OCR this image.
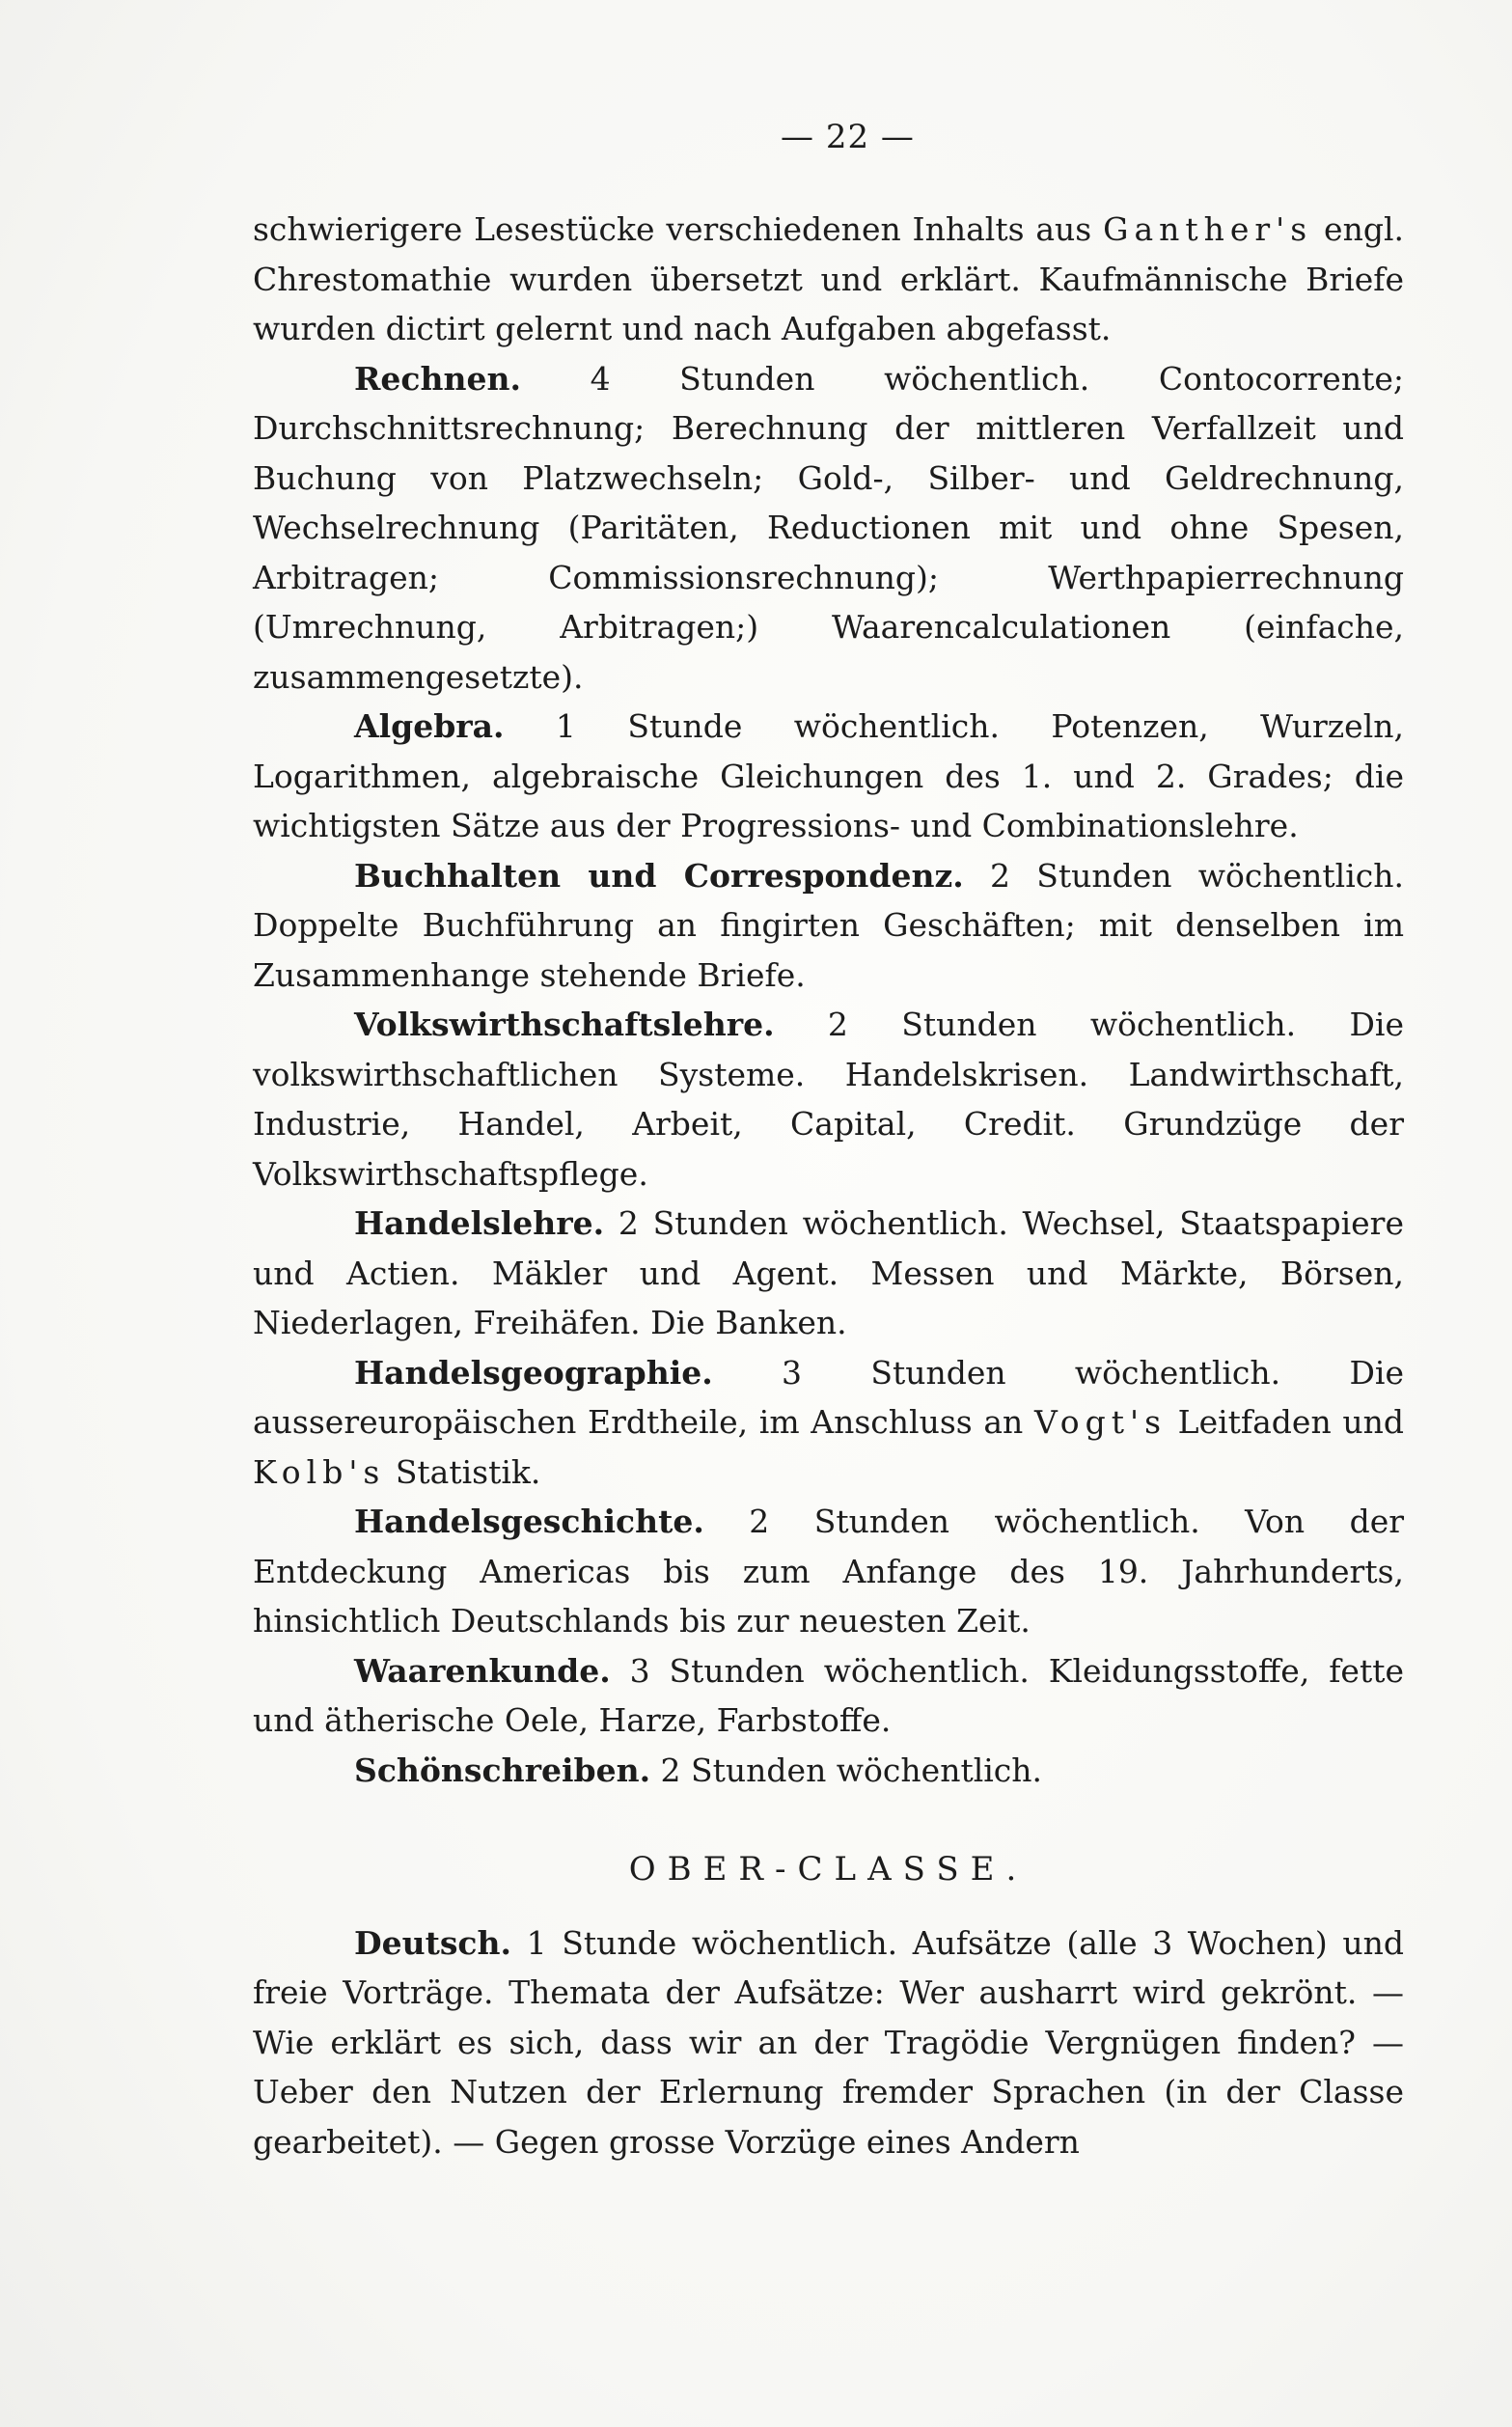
— 22 —

schwierigere Lesestücke verschiedenen Inhalts aus Ganther's engl. Chrestomathie wurden übersetzt und erklärt. Kaufmännische Briefe wurden dictirt gelernt und nach Aufgaben abgefasst.

Rechnen. 4 Stunden wöchentlich. Contocorrente; Durchschnittsrechnung; Berechnung der mittleren Verfallzeit und Buchung von Platzwechseln; Gold-, Silber- und Geldrechnung, Wechselrechnung (Paritäten, Reductionen mit und ohne Spesen, Arbitragen; Commissionsrechnung); Werthpapierrechnung (Umrechnung, Arbitragen;) Waarencalculationen (einfache, zusammengesetzte).

Algebra. 1 Stunde wöchentlich. Potenzen, Wurzeln, Logarithmen, algebraische Gleichungen des 1. und 2. Grades; die wichtigsten Sätze aus der Progressions- und Combinationslehre.

Buchhalten und Correspondenz. 2 Stunden wöchentlich. Doppelte Buchführung an fingirten Geschäften; mit denselben im Zusammenhange stehende Briefe.

Volkswirthschaftslehre. 2 Stunden wöchentlich. Die volkswirthschaftlichen Systeme. Handelskrisen. Landwirthschaft, Industrie, Handel, Arbeit, Capital, Credit. Grundzüge der Volkswirthschaftspflege.

Handelslehre. 2 Stunden wöchentlich. Wechsel, Staatspapiere und Actien. Mäkler und Agent. Messen und Märkte, Börsen, Niederlagen, Freihäfen. Die Banken.

Handelsgeographie. 3 Stunden wöchentlich. Die aussereuropäischen Erdtheile, im Anschluss an Vogt's Leitfaden und Kolb's Statistik.

Handelsgeschichte. 2 Stunden wöchentlich. Von der Entdeckung Americas bis zum Anfange des 19. Jahrhunderts, hinsichtlich Deutschlands bis zur neuesten Zeit.

Waarenkunde. 3 Stunden wöchentlich. Kleidungsstoffe, fette und ätherische Oele, Harze, Farbstoffe.

Schönschreiben. 2 Stunden wöchentlich.

OBER-CLASSE.

Deutsch. 1 Stunde wöchentlich. Aufsätze (alle 3 Wochen) und freie Vorträge. Themata der Aufsätze: Wer ausharrt wird gekrönt. — Wie erklärt es sich, dass wir an der Tragödie Vergnügen finden? — Ueber den Nutzen der Erlernung fremder Sprachen (in der Classe gearbeitet). — Gegen grosse Vorzüge eines Andern
